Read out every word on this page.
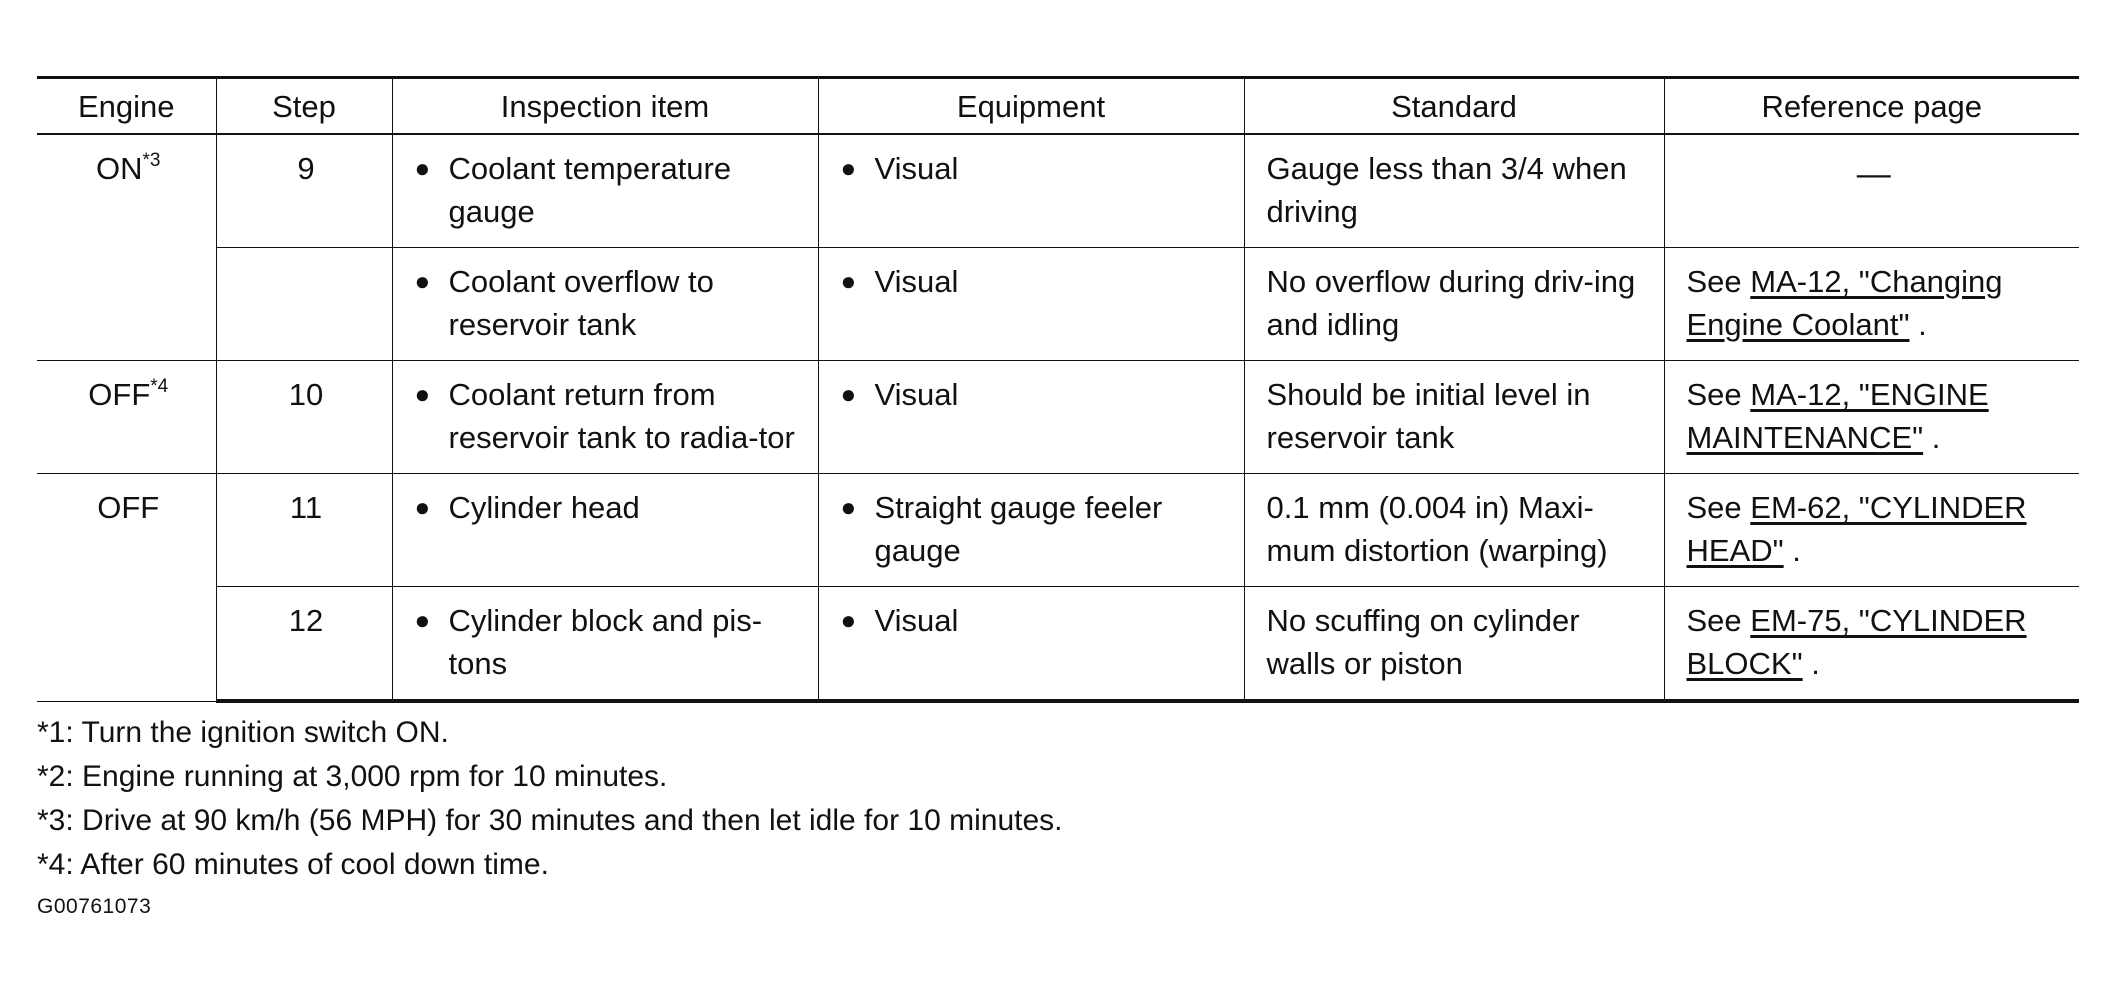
Engine	Step	Inspection item	Equipment	Standard	Reference page
ON$^{*3}$	9	● Coolant temperature gauge	● Visual	Gauge less than 3/4 when driving	—

		● Coolant overflow to reservoir tank	● Visual	No overflow during driv-ing and idling	See MA-12, "Changing Engine Coolant" .
OFF$^{*4}$	10	● Coolant return from reservoir tank to radia-tor	● Visual	Should be initial level in reservoir tank	See MA-12, "ENGINE MAINTENANCE" .
OFF	11	● Cylinder head	● Straight gauge feeler gauge	0.1 mm (0.004 in) Maxi-mum distortion (warping)	See EM-62, "CYLINDER HEAD" .
	12	● Cylinder block and pis-tons	● Visual	No scuffing on cylinder walls or piston	See EM-75, "CYLINDER BLOCK" .
*1: Turn the ignition switch ON.
*2: Engine running at 3,000 rpm for 10 minutes.
*3: Drive at 90 km/h (56 MPH) for 30 minutes and then let idle for 10 minutes.
*4: After 60 minutes of cool down time.
G00761073
